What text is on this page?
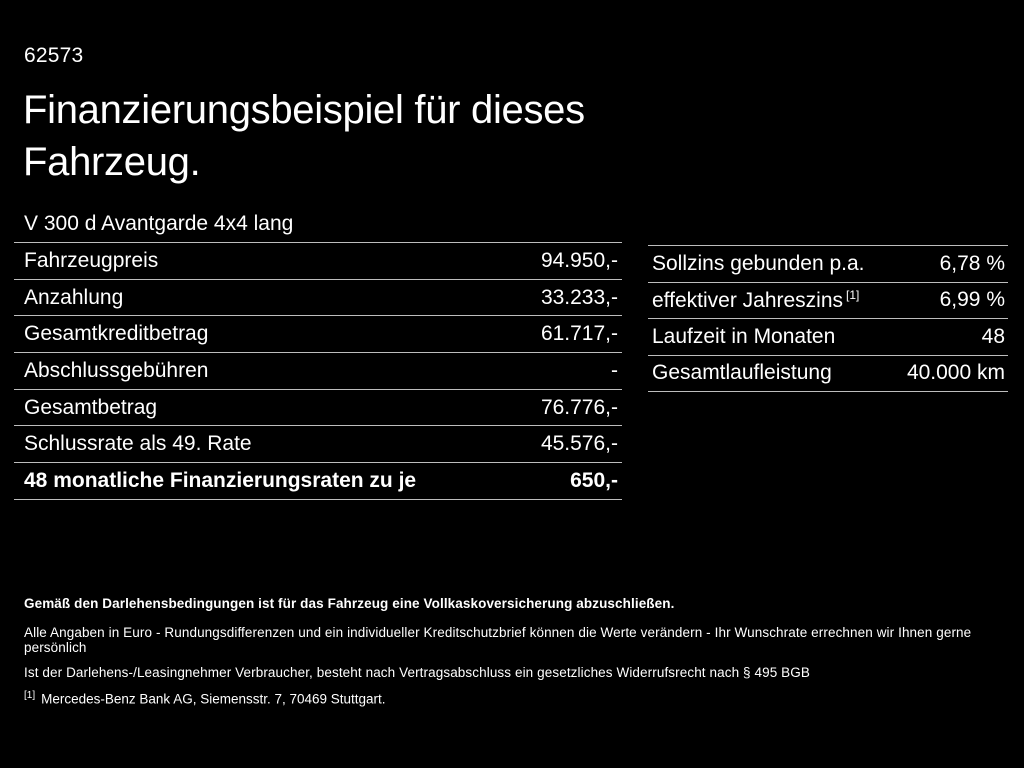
62573
Finanzierungsbeispiel für dieses
Fahrzeug.
V 300 d Avantgarde 4x4 lang
Fahrzeugpreis	94.950,-
Anzahlung	33.233,-
Gesamtkreditbetrag	61.717,-
Abschlussgebühren	-
Gesamtbetrag	76.776,-
Schlussrate als 49. Rate	45.576,-
48 monatliche Finanzierungsraten zu je	650,-
Sollzins gebunden p.a.	6,78 %
effektiver Jahreszins [1]	6,99 %
Laufzeit in Monaten	48
Gesamtlaufleistung	40.000 km
Gemäß den Darlehensbedingungen ist für das Fahrzeug eine Vollkaskoversicherung abzuschließen.
Alle Angaben in Euro - Rundungsdifferenzen und ein individueller Kreditschutzbrief können die Werte verändern - Ihr Wunschrate errechnen wir Ihnen gerne persönlich
Ist der Darlehens-/Leasingnehmer Verbraucher, besteht nach Vertragsabschluss ein gesetzliches Widerrufsrecht nach § 495 BGB
[1] Mercedes-Benz Bank AG, Siemensstr. 7, 70469 Stuttgart.
